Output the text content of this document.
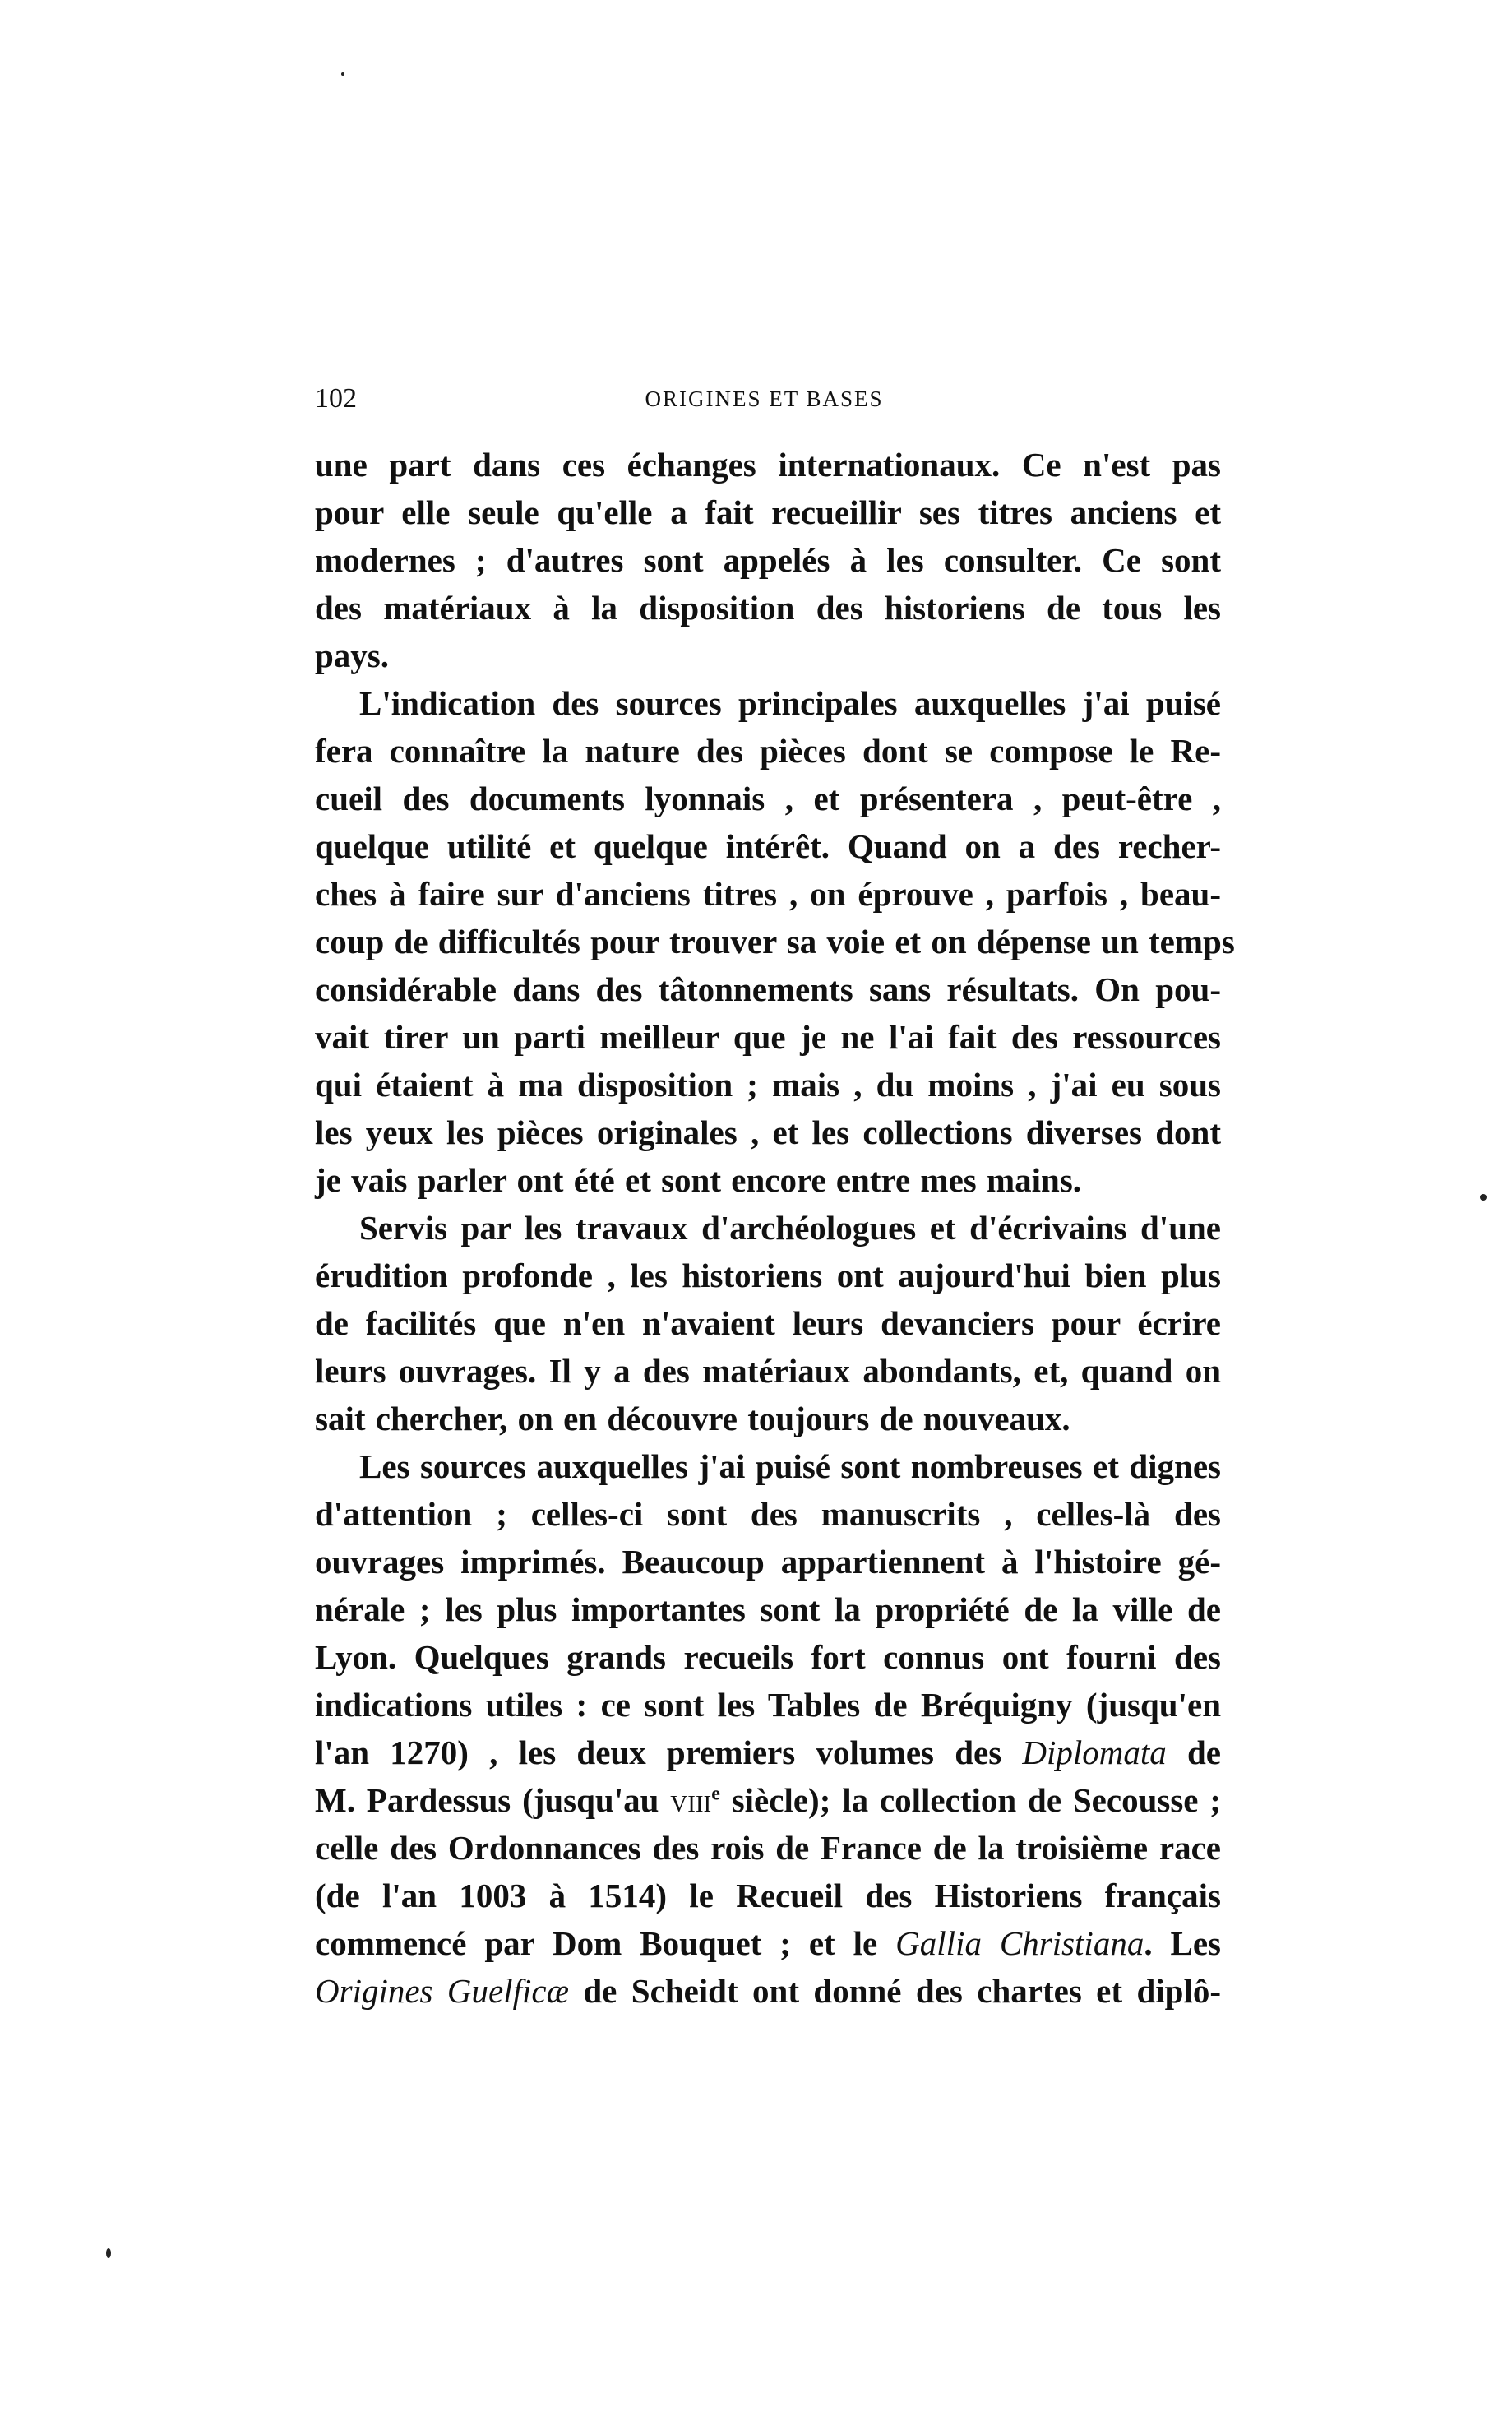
102	ORIGINES ET BASES
une part dans ces échanges internationaux. Ce n'est pas
pour elle seule qu'elle a fait recueillir ses titres anciens et
modernes ; d'autres sont appelés à les consulter. Ce sont
des matériaux à la disposition des historiens de tous les
pays.
L'indication des sources principales auxquelles j'ai puisé
fera connaître la nature des pièces dont se compose le Re-
cueil des documents lyonnais , et présentera , peut-être ,
quelque utilité et quelque intérêt. Quand on a des recher-
ches à faire sur d'anciens titres , on éprouve , parfois , beau-
coup de difficultés pour trouver sa voie et on dépense un temps
considérable dans des tâtonnements sans résultats. On pou-
vait tirer un parti meilleur que je ne l'ai fait des ressources
qui étaient à ma disposition ; mais , du moins , j'ai eu sous
les yeux les pièces originales , et les collections diverses dont
je vais parler ont été et sont encore entre mes mains.
Servis par les travaux d'archéologues et d'écrivains d'une
érudition profonde , les historiens ont aujourd'hui bien plus
de facilités que n'en n'avaient leurs devanciers pour écrire
leurs ouvrages. Il y a des matériaux abondants, et, quand on
sait chercher, on en découvre toujours de nouveaux.
Les sources auxquelles j'ai puisé sont nombreuses et dignes
d'attention ; celles-ci sont des manuscrits , celles-là des
ouvrages imprimés. Beaucoup appartiennent à l'histoire gé-
nérale ; les plus importantes sont la propriété de la ville de
Lyon. Quelques grands recueils fort connus ont fourni des
indications utiles : ce sont les Tables de Bréquigny (jusqu'en
l'an 1270) , les deux premiers volumes des Diplomata de
M. Pardessus (jusqu'au viii$^e$ siècle); la collection de Secousse ;
celle des Ordonnances des rois de France de la troisième race
(de l'an 1003 à 1514) le Recueil des Historiens français
commencé par Dom Bouquet ; et le Gallia Christiana. Les
Origines Guelficæ de Scheidt ont donné des chartes et diplô-
